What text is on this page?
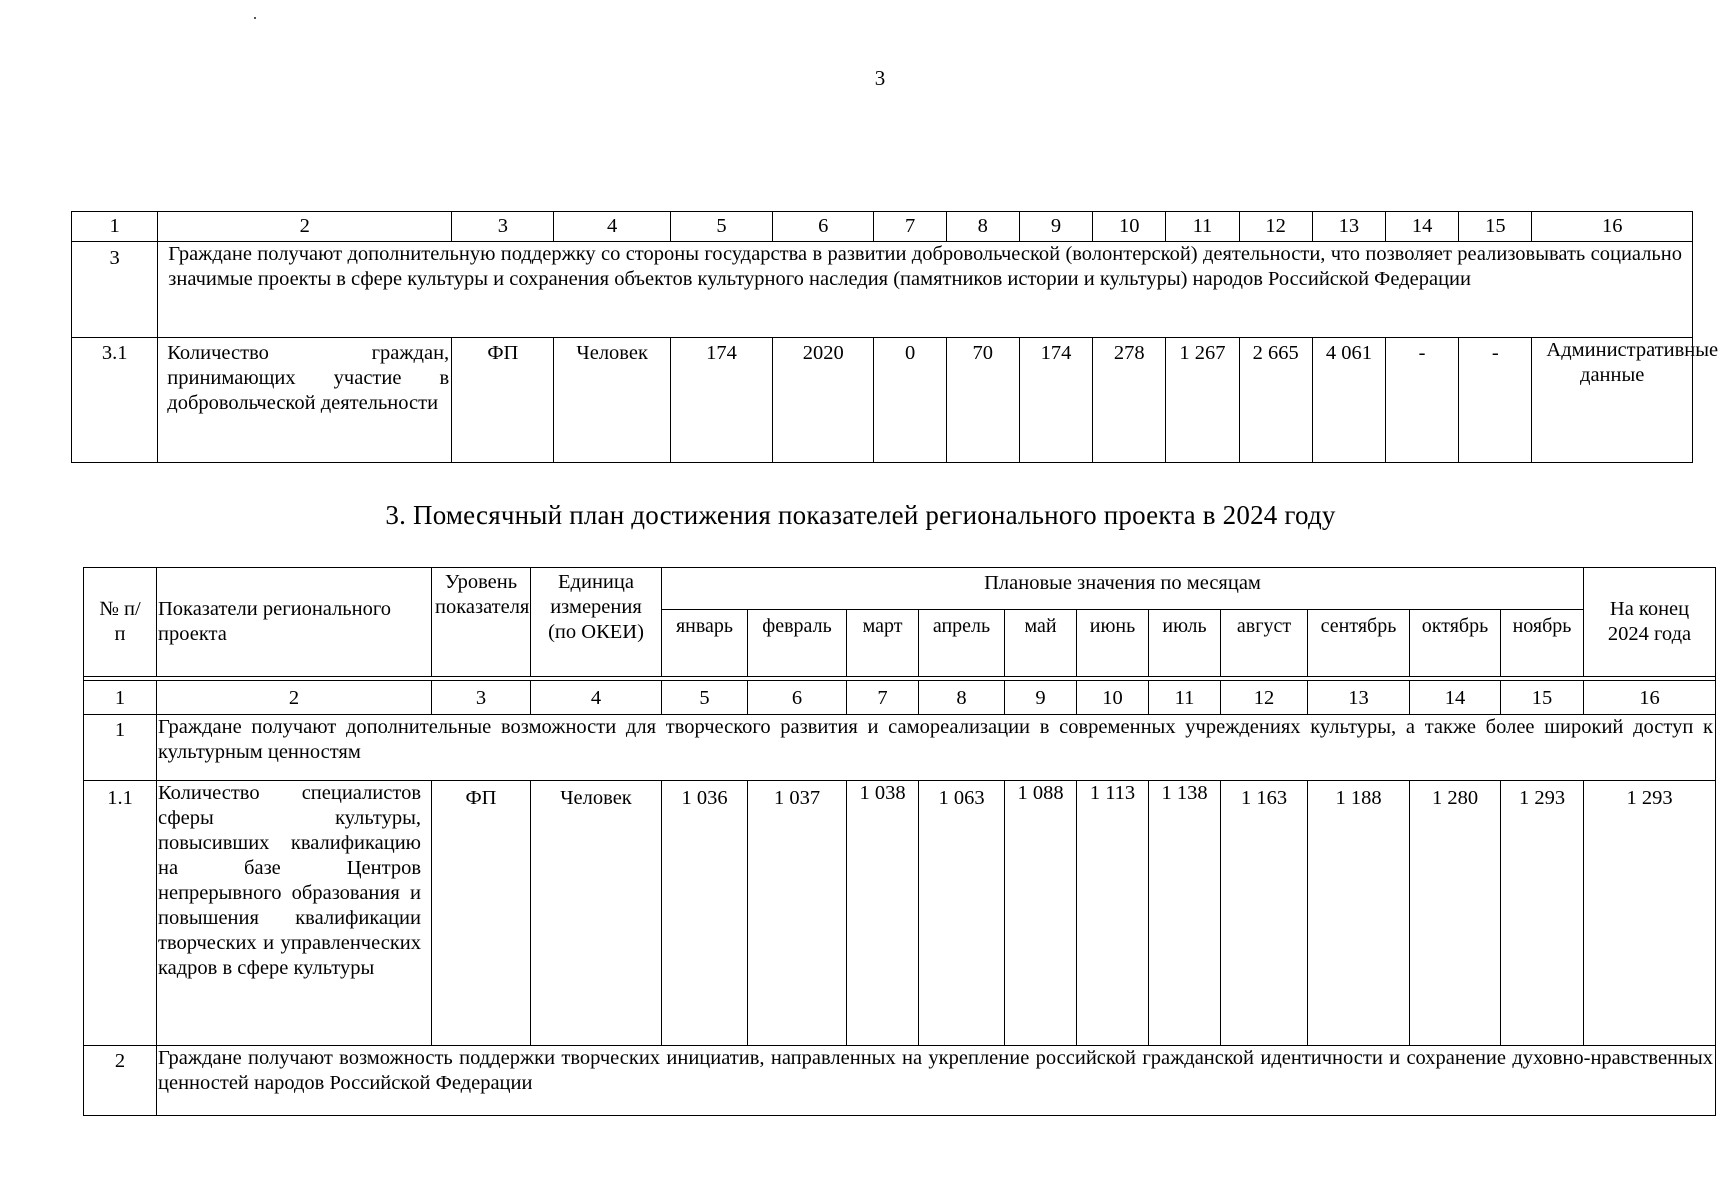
3
1	2	3	4	5	6	7	8	9	10	11	12	13	14	15	16
3	Граждане получают дополнительную поддержку со стороны государства в развитии добровольческой (волонтерской) деятельности, что позволяет реализовывать социально значимые проекты в сфере культуры и сохранения объектов культурного наследия (памятников истории и культуры) народов Российской Федерации														
3.1	Количество граждан, принимающих участие в добровольческой деятельности	ФП	Человек	174	2020	0	70	174	278	1 267	2 665	4 061	-	-	Административные данные
3. Помесячный план достижения показателей регионального проекта в 2024 году
№ п/п	Показатели регионального проекта	Уровень показателя	Единица измерения (по ОКЕИ)	Плановые значения по месяцам											На конец 2024 года
				январь	февраль	март	апрель	май	июнь	июль	август	сентябрь	октябрь	ноябрь	

1	2	3	4	5	6	7	8	9	10	11	12	13	14	15	16
1	Граждане получают дополнительные возможности для творческого развития и самореализации в современных учреждениях культуры, а также более широкий доступ к культурным ценностям														
1.1	Количество специалистов сферы культуры, повысивших квалификацию на базе Центров непрерывного образования и повышения квалификации творческих и управленческих кадров в сфере культуры	ФП	Человек	1 036	1 037	1 038	1 063	1 088	1 113	1 138	1 163	1 188	1 280	1 293	1 293
2	Граждане получают возможность поддержки творческих инициатив, направленных на укрепление российской гражданской идентичности и сохранение духовно-нравственных ценностей народов Российской Федерации														
